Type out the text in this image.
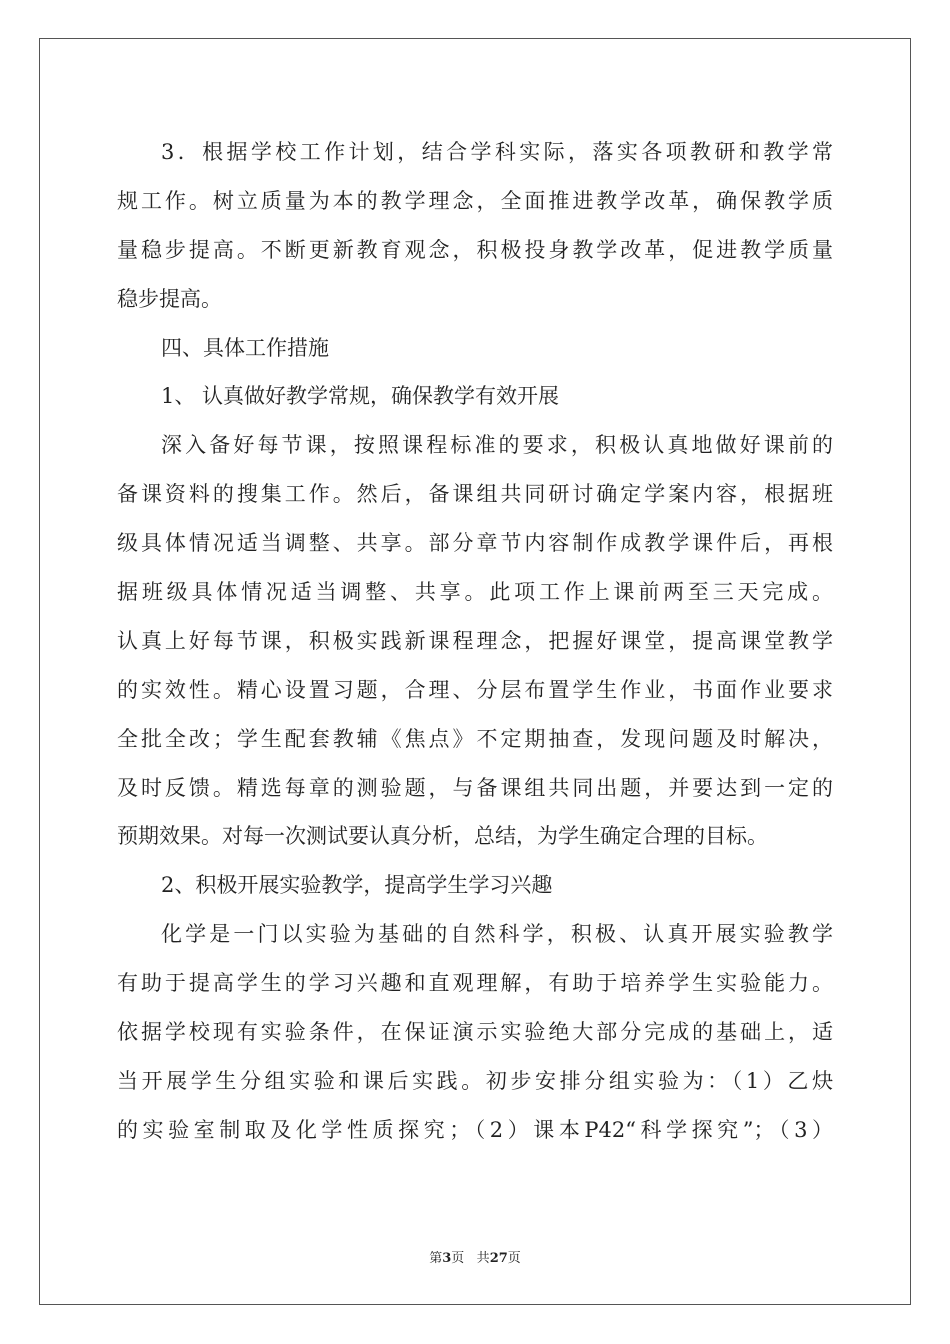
3．根据学校工作计划，结合学科实际，落实各项教研和教学常
规工作。树立质量为本的教学理念，全面推进教学改革，确保教学质
量稳步提高。不断更新教育观念，积极投身教学改革，促进教学质量
稳步提高。
四、具体工作措施
1、 认真做好教学常规，确保教学有效开展
深入备好每节课，按照课程标准的要求，积极认真地做好课前的
备课资料的搜集工作。然后，备课组共同研讨确定学案内容，根据班
级具体情况适当调整、共享。部分章节内容制作成教学课件后，再根
据班级具体情况适当调整、共享。此项工作上课前两至三天完成。
认真上好每节课，积极实践新课程理念，把握好课堂，提高课堂教学
的实效性。精心设置习题，合理、分层布置学生作业，书面作业要求
全批全改；学生配套教辅《焦点》不定期抽查，发现问题及时解决，
及时反馈。精选每章的测验题，与备课组共同出题，并要达到一定的
预期效果。对每一次测试要认真分析，总结，为学生确定合理的目标。
2、积极开展实验教学，提高学生学习兴趣
化学是一门以实验为基础的自然科学，积极、认真开展实验教学
有助于提高学生的学习兴趣和直观理解，有助于培养学生实验能力。
依据学校现有实验条件，在保证演示实验绝大部分完成的基础上，适
当开展学生分组实验和课后实践。初步安排分组实验为：（1）乙炔
的实验室制取及化学性质探究；（2）课本P42“科学探究”；（3）
第3页 共27页
